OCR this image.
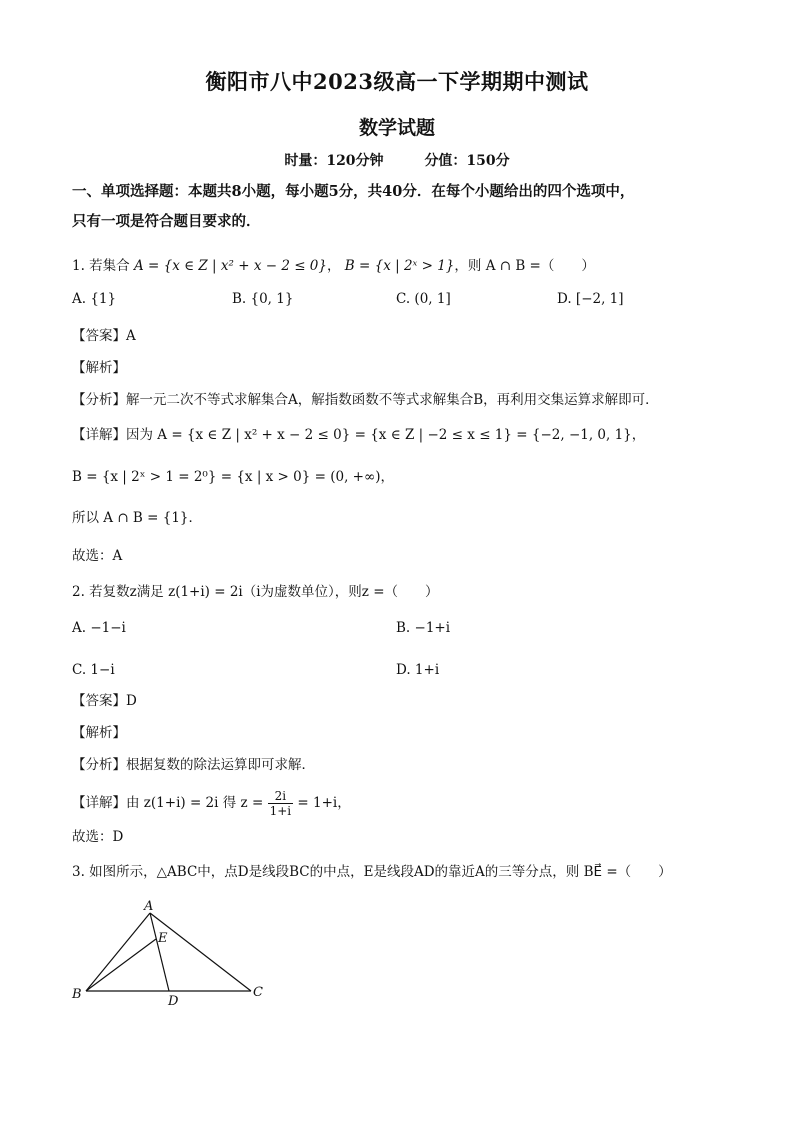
衡阳市八中2023级高一下学期期中测试
数学试题
时量：120分钟	分值：150分
一、单项选择题：本题共8小题，每小题5分，共40分．在每个小题给出的四个选项中，
只有一项是符合题目要求的．
1. 若集合 A = {x ∈ Z | x² + x − 2 ≤ 0}， B = {x | 2ˣ > 1}，则 A ∩ B =（　　）
A. {1}	B. {0, 1}	C. (0, 1]	D. [−2, 1]
【答案】A
【解析】
【分析】解一元二次不等式求解集合A，解指数函数不等式求解集合B，再利用交集运算求解即可．
【详解】因为 A = {x ∈ Z | x² + x − 2 ≤ 0} = {x ∈ Z | −2 ≤ x ≤ 1} = {−2, −1, 0, 1}，
B = {x | 2ˣ > 1 = 2⁰} = {x | x > 0} = (0, +∞)，
所以 A ∩ B = {1}．
故选：A
2. 若复数z满足 z(1+i) = 2i（i为虚数单位），则z =（　　）
A. −1−i	B. −1+i
C. 1−i	D. 1+i
【答案】D
【解析】
【分析】根据复数的除法运算即可求解．
【详解】由 z(1+i) = 2i 得 $z = \frac{2i}{1+i} = 1+i$，
故选：D
3. 如图所示，△ABC中，点D是线段BC的中点，E是线段AD的靠近A的三等分点，则 BE⃗ =（　　）
A
E
B	D
C
